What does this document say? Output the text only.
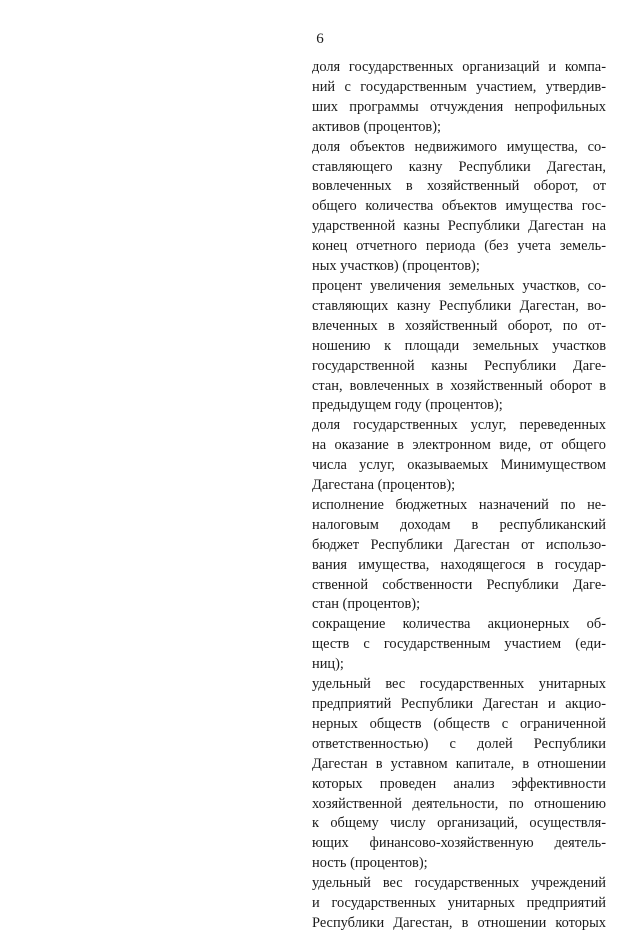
6
доля государственных организаций и компа-
ний с государственным участием, утвердив-
ших программы отчуждения непрофильных
активов (процентов);
доля объектов недвижимого имущества, со-
ставляющего казну Республики Дагестан,
вовлеченных в хозяйственный оборот, от
общего количества объектов имущества гос-
ударственной казны Республики Дагестан на
конец отчетного периода (без учета земель-
ных участков) (процентов);
процент увеличения земельных участков, со-
ставляющих казну Республики Дагестан, во-
влеченных в хозяйственный оборот, по от-
ношению к площади земельных участков
государственной казны Республики Даге-
стан, вовлеченных в хозяйственный оборот в
предыдущем году (процентов);
доля государственных услуг, переведенных
на оказание в электронном виде, от общего
числа услуг, оказываемых Минимуществом
Дагестана (процентов);
исполнение бюджетных назначений по не-
налоговым доходам в республиканский
бюджет Республики Дагестан от использо-
вания имущества, находящегося в государ-
ственной собственности Республики Даге-
стан (процентов);
сокращение количества акционерных об-
ществ с государственным участием (еди-
ниц);
удельный вес государственных унитарных
предприятий Республики Дагестан и акцио-
нерных обществ (обществ с ограниченной
ответственностью) с долей Республики
Дагестан в уставном капитале, в отношении
которых проведен анализ эффективности
хозяйственной деятельности, по отношению
к общему числу организаций, осуществля-
ющих финансово-хозяйственную деятель-
ность (процентов);
удельный вес государственных учреждений
и государственных унитарных предприятий
Республики Дагестан, в отношении которых
